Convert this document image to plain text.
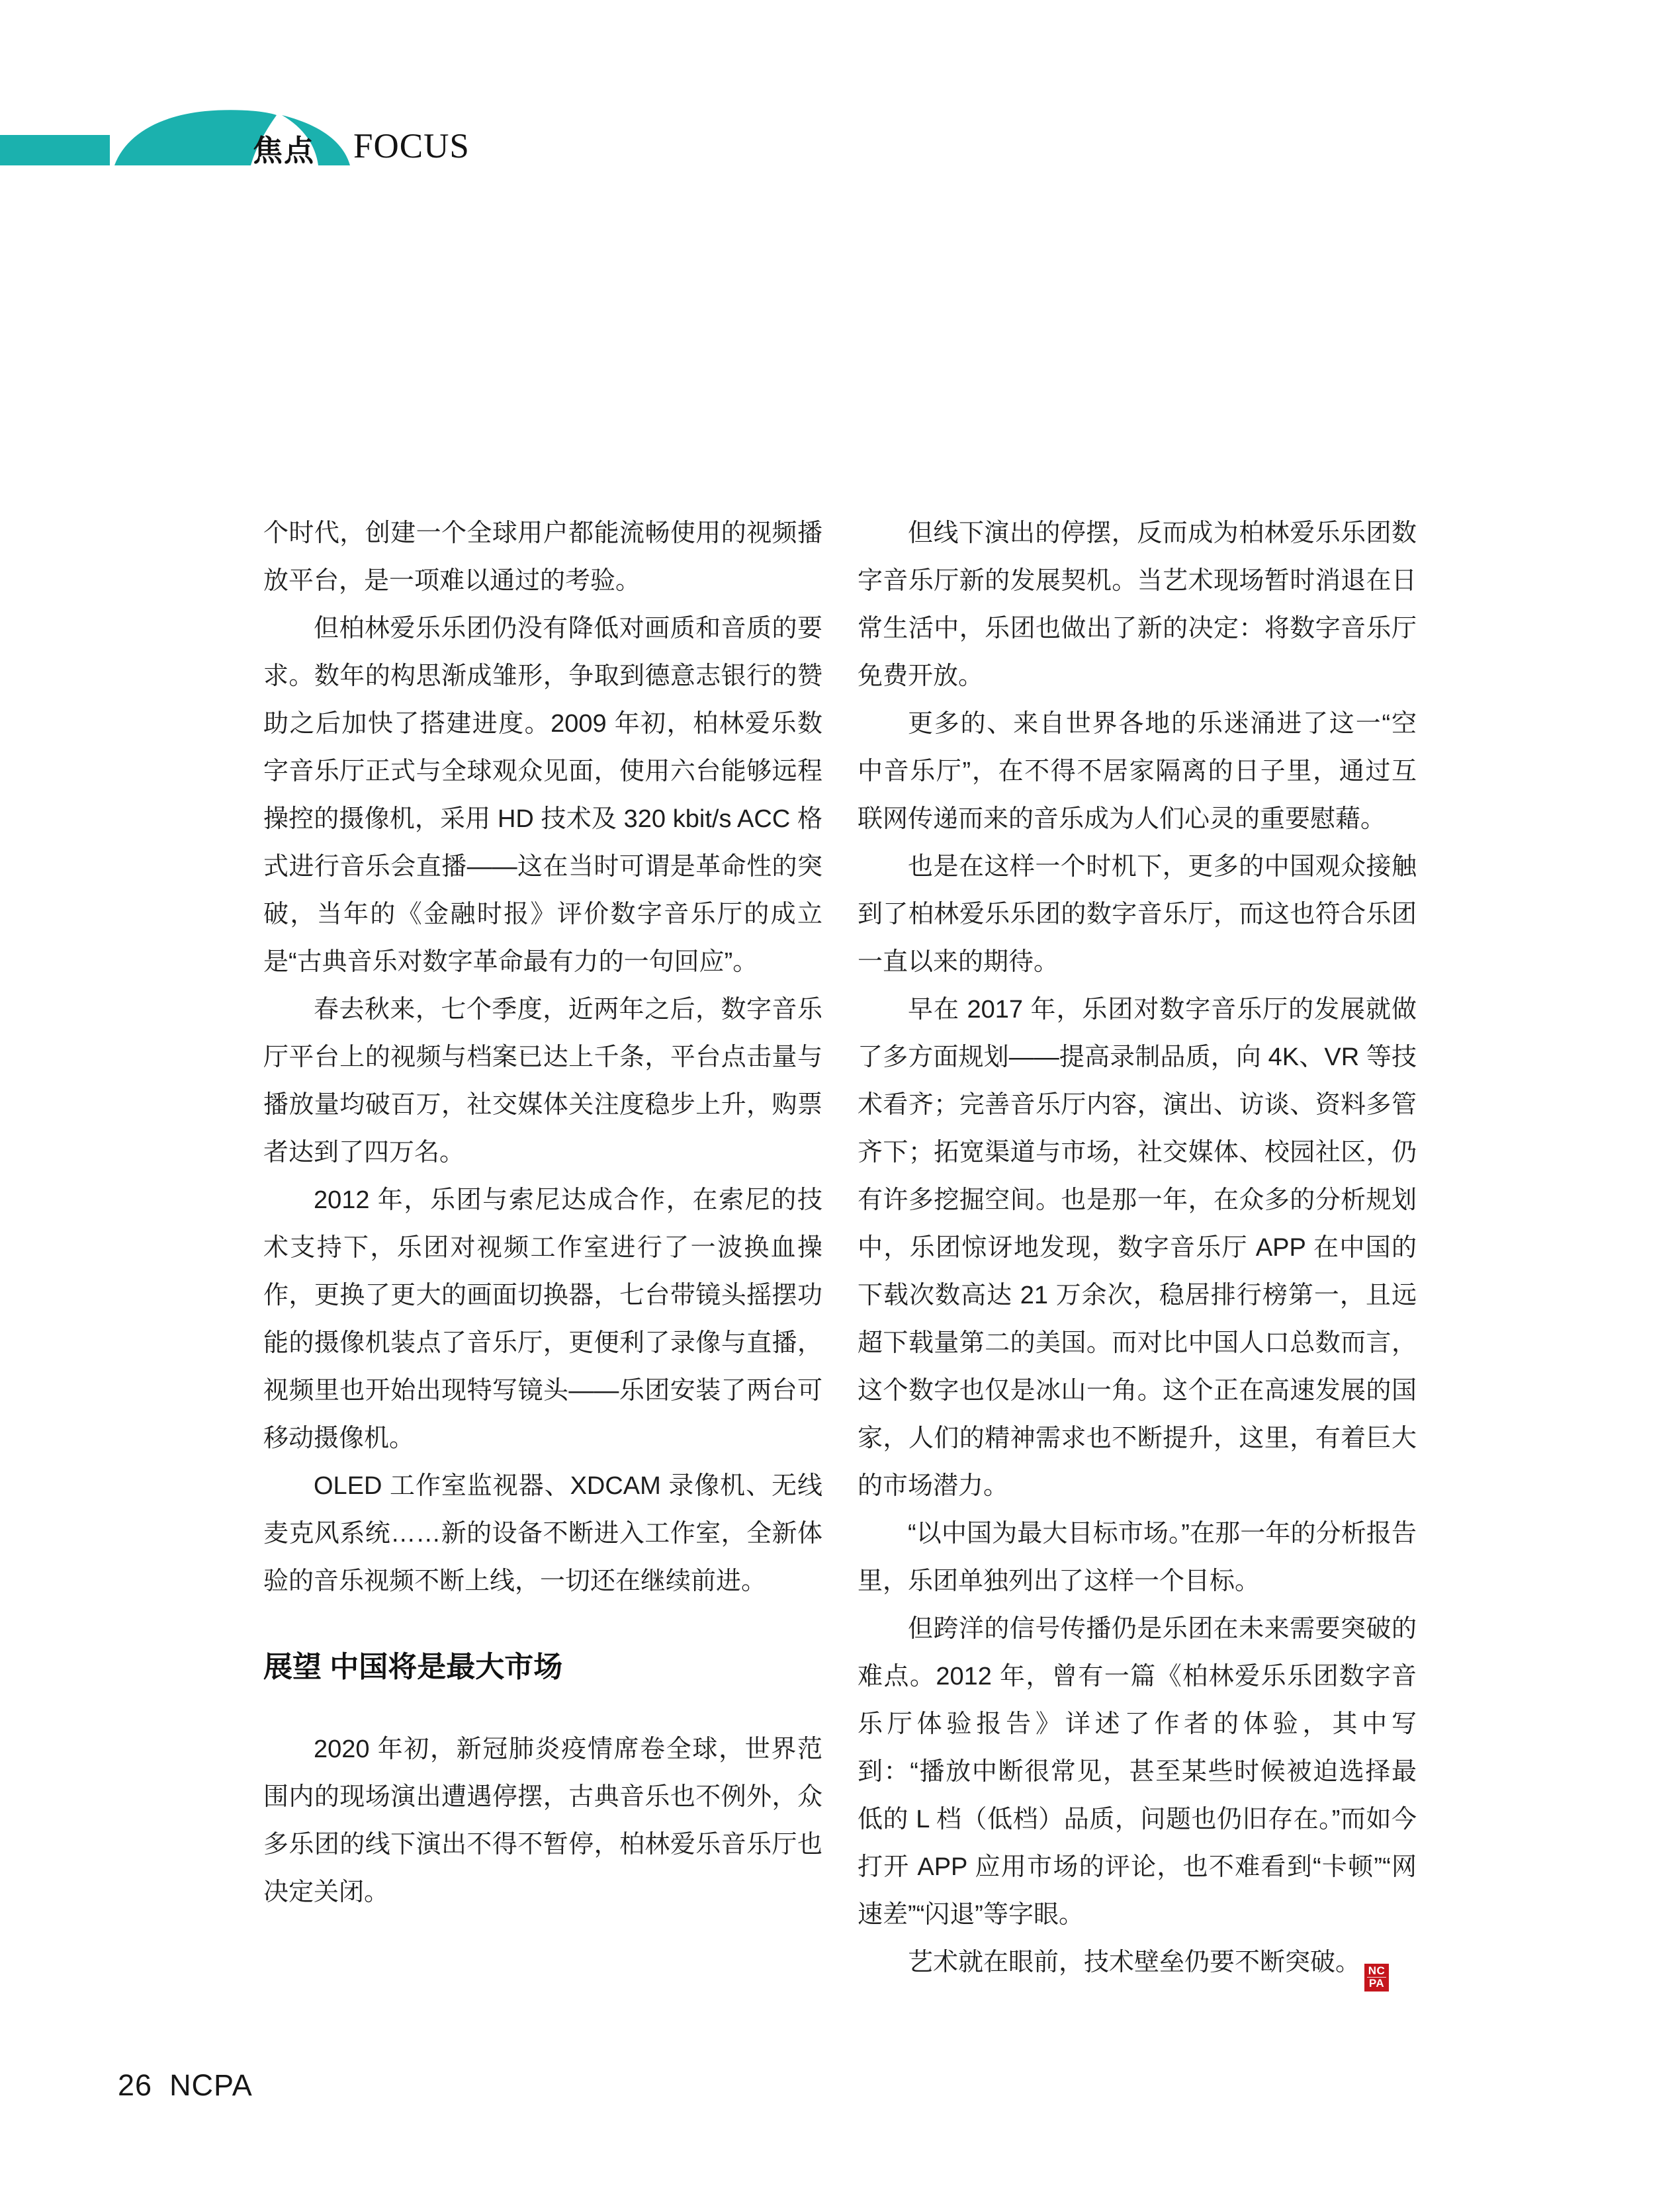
焦点 FOCUS

个时代，创建一个全球用户都能流畅使用的视频播放平台，是一项难以通过的考验。

但柏林爱乐乐团仍没有降低对画质和音质的要求。数年的构思渐成雏形，争取到德意志银行的赞助之后加快了搭建进度。2009 年初，柏林爱乐数字音乐厅正式与全球观众见面，使用六台能够远程操控的摄像机，采用 HD 技术及 320 kbit/s ACC 格式进行音乐会直播——这在当时可谓是革命性的突破，当年的《金融时报》评价数字音乐厅的成立是“古典音乐对数字革命最有力的一句回应”。

春去秋来，七个季度，近两年之后，数字音乐厅平台上的视频与档案已达上千条，平台点击量与播放量均破百万，社交媒体关注度稳步上升，购票者达到了四万名。

2012 年，乐团与索尼达成合作，在索尼的技术支持下，乐团对视频工作室进行了一波换血操作，更换了更大的画面切换器，七台带镜头摇摆功能的摄像机装点了音乐厅，更便利了录像与直播，视频里也开始出现特写镜头——乐团安装了两台可移动摄像机。

OLED 工作室监视器、XDCAM 录像机、无线麦克风系统……新的设备不断进入工作室，全新体验的音乐视频不断上线，一切还在继续前进。

展望 中国将是最大市场

2020 年初，新冠肺炎疫情席卷全球，世界范围内的现场演出遭遇停摆，古典音乐也不例外，众多乐团的线下演出不得不暂停，柏林爱乐音乐厅也决定关闭。

但线下演出的停摆，反而成为柏林爱乐乐团数字音乐厅新的发展契机。当艺术现场暂时消退在日常生活中，乐团也做出了新的决定：将数字音乐厅免费开放。

更多的、来自世界各地的乐迷涌进了这一“空中音乐厅”，在不得不居家隔离的日子里，通过互联网传递而来的音乐成为人们心灵的重要慰藉。

也是在这样一个时机下，更多的中国观众接触到了柏林爱乐乐团的数字音乐厅，而这也符合乐团一直以来的期待。

早在 2017 年，乐团对数字音乐厅的发展就做了多方面规划——提高录制品质，向 4K、VR 等技术看齐；完善音乐厅内容，演出、访谈、资料多管齐下；拓宽渠道与市场，社交媒体、校园社区，仍有许多挖掘空间。也是那一年，在众多的分析规划中，乐团惊讶地发现，数字音乐厅 APP 在中国的下载次数高达 21 万余次，稳居排行榜第一，且远超下载量第二的美国。而对比中国人口总数而言，这个数字也仅是冰山一角。这个正在高速发展的国家，人们的精神需求也不断提升，这里，有着巨大的市场潜力。

“以中国为最大目标市场。”在那一年的分析报告里，乐团单独列出了这样一个目标。

但跨洋的信号传播仍是乐团在未来需要突破的难点。2012 年，曾有一篇《柏林爱乐乐团数字音乐厅体验报告》详述了作者的体验，其中写到：“播放中断很常见，甚至某些时候被迫选择最低的 L 档（低档）品质，问题也仍旧存在。”而如今打开 APP 应用市场的评论，也不难看到“卡顿”“网速差”“闪退”等字眼。

艺术就在眼前，技术壁垒仍要不断突破。
$\frac{NC}{PA}$

26 NCPA
